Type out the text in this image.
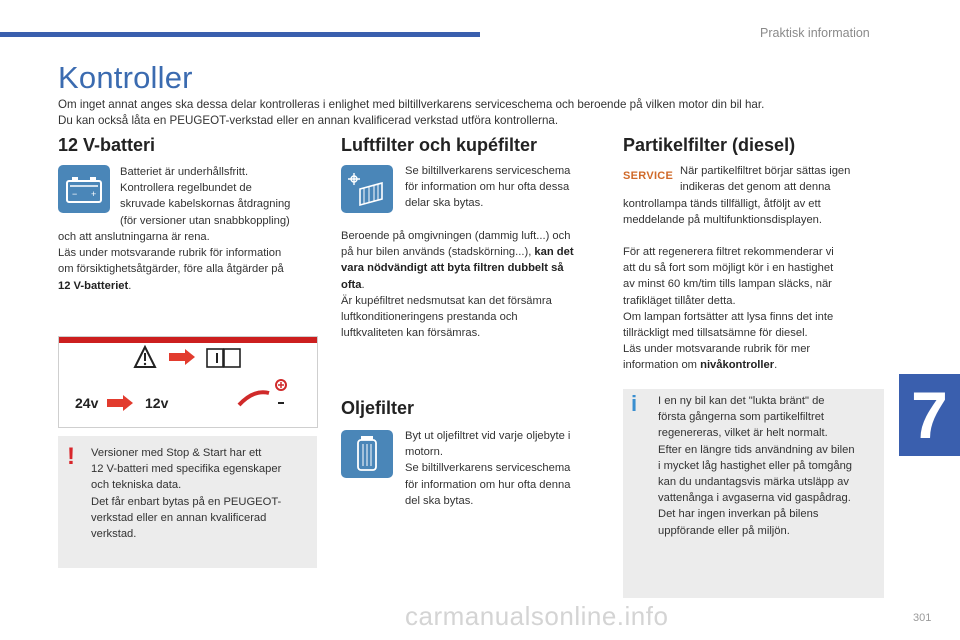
Praktisk information
Kontroller
Om inget annat anges ska dessa delar kontrolleras i enlighet med biltillverkarens serviceschema och beroende på vilken motor din bil har.
Du kan också låta en PEUGEOT-verkstad eller en annan kvalificerad verkstad utföra kontrollerna.
12 V-batteri
− +
Batteriet är underhållsfritt.
Kontrollera regelbundet de
skruvade kabelskornas åtdragning
(för versioner utan snabbkoppling)
och att anslutningarna är rena.
Läs under motsvarande rubrik för information
om försiktighetsåtgärder, före alla åtgärder på
12 V-batteriet.
24v	12v
! Versioner med Stop & Start har ett
12 V-batteri med specifika egenskaper
och tekniska data.
Det får enbart bytas på en PEUGEOT-
verkstad eller en annan kvalificerad
verkstad.
Luftfilter och kupéfilter
Se biltillverkarens serviceschema
för information om hur ofta dessa
delar ska bytas.
Beroende på omgivningen (dammig luft...) och
på hur bilen används (stadskörning...), kan det
vara nödvändigt att byta filtren dubbelt så
ofta.
Är kupéfiltret nedsmutsat kan det försämra
luftkonditioneringens prestanda och
luftkvaliteten kan försämras.
Oljefilter
Byt ut oljefiltret vid varje oljebyte i
motorn.
Se biltillverkarens serviceschema
för information om hur ofta denna
del ska bytas.
Partikelfilter (diesel)
SERVICE När partikelfiltret börjar sättas igen
indikeras det genom att denna
kontrollampa tänds tillfälligt, åtföljt av ett
meddelande på multifunktionsdisplayen.
För att regenerera filtret rekommenderar vi
att du så fort som möjligt kör i en hastighet
av minst 60 km/tim tills lampan släcks, när
trafikläget tillåter detta.
Om lampan fortsätter att lysa finns det inte
tillräckligt med tillsatsämne för diesel.
Läs under motsvarande rubrik för mer
information om nivåkontroller.
i I en ny bil kan det "lukta bränt" de
första gångerna som partikelfiltret
regenereras, vilket är helt normalt.
Efter en längre tids användning av bilen
i mycket låg hastighet eller på tomgång
kan du undantagsvis märka utsläpp av
vattenånga i avgaserna vid gaspådrag.
Det har ingen inverkan på bilens
uppförande eller på miljön.
7
carmanualsonline.info	301
